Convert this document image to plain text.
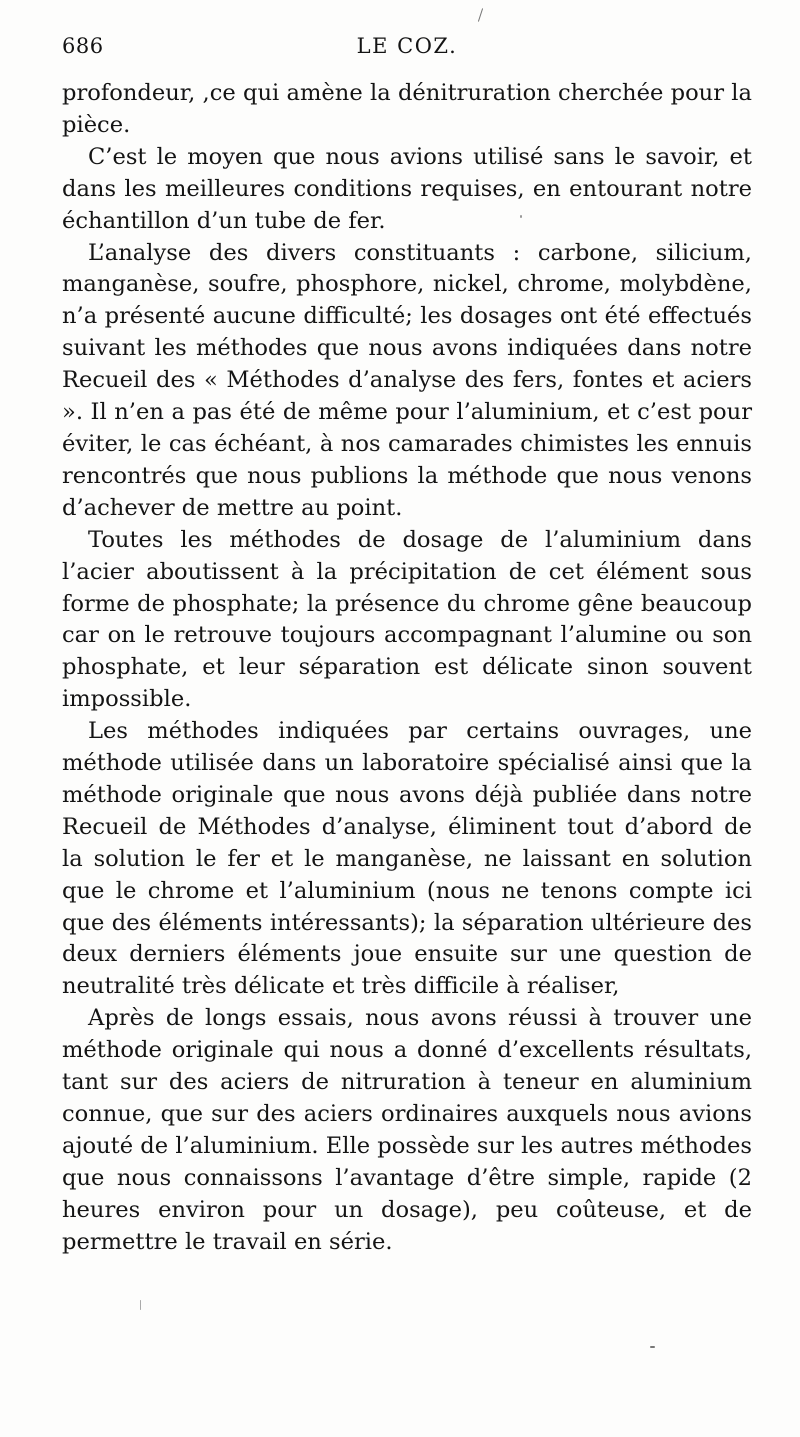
686	LE COZ.

profondeur, ,ce qui amène la dénitruration cherchée pour la pièce.

C’est le moyen que nous avions utilisé sans le savoir, et dans les meilleures conditions requises, en entourant notre échantillon d’un tube de fer.

L’analyse des divers constituants : carbone, silicium, manganèse, soufre, phosphore, nickel, chrome, molybdène, n’a présenté aucune difficulté; les dosages ont été effectués suivant les méthodes que nous avons indiquées dans notre Recueil des « Méthodes d’analyse des fers, fontes et aciers ». Il n’en a pas été de même pour l’aluminium, et c’est pour éviter, le cas échéant, à nos camarades chimistes les ennuis rencontrés que nous publions la méthode que nous venons d’achever de mettre au point.

Toutes les méthodes de dosage de l’aluminium dans l’acier aboutissent à la précipitation de cet élément sous forme de phosphate; la présence du chrome gêne beaucoup car on le retrouve toujours accompagnant l’alumine ou son phosphate, et leur séparation est délicate sinon souvent impossible.

Les méthodes indiquées par certains ouvrages, une méthode utilisée dans un laboratoire spécialisé ainsi que la méthode originale que nous avons déjà publiée dans notre Recueil de Méthodes d’analyse, éliminent tout d’abord de la solution le fer et le manganèse, ne laissant en solution que le chrome et l’aluminium (nous ne tenons compte ici que des éléments intéressants); la séparation ultérieure des deux derniers éléments joue ensuite sur une question de neutralité très délicate et très difficile à réaliser,

Après de longs essais, nous avons réussi à trouver une méthode originale qui nous a donné d’excellents résultats, tant sur des aciers de nitruration à teneur en aluminium connue, que sur des aciers ordinaires auxquels nous avions ajouté de l’aluminium. Elle possède sur les autres méthodes que nous connaissons l’avantage d’être simple, rapide (2 heures environ pour un dosage), peu coûteuse, et de permettre le travail en série.
